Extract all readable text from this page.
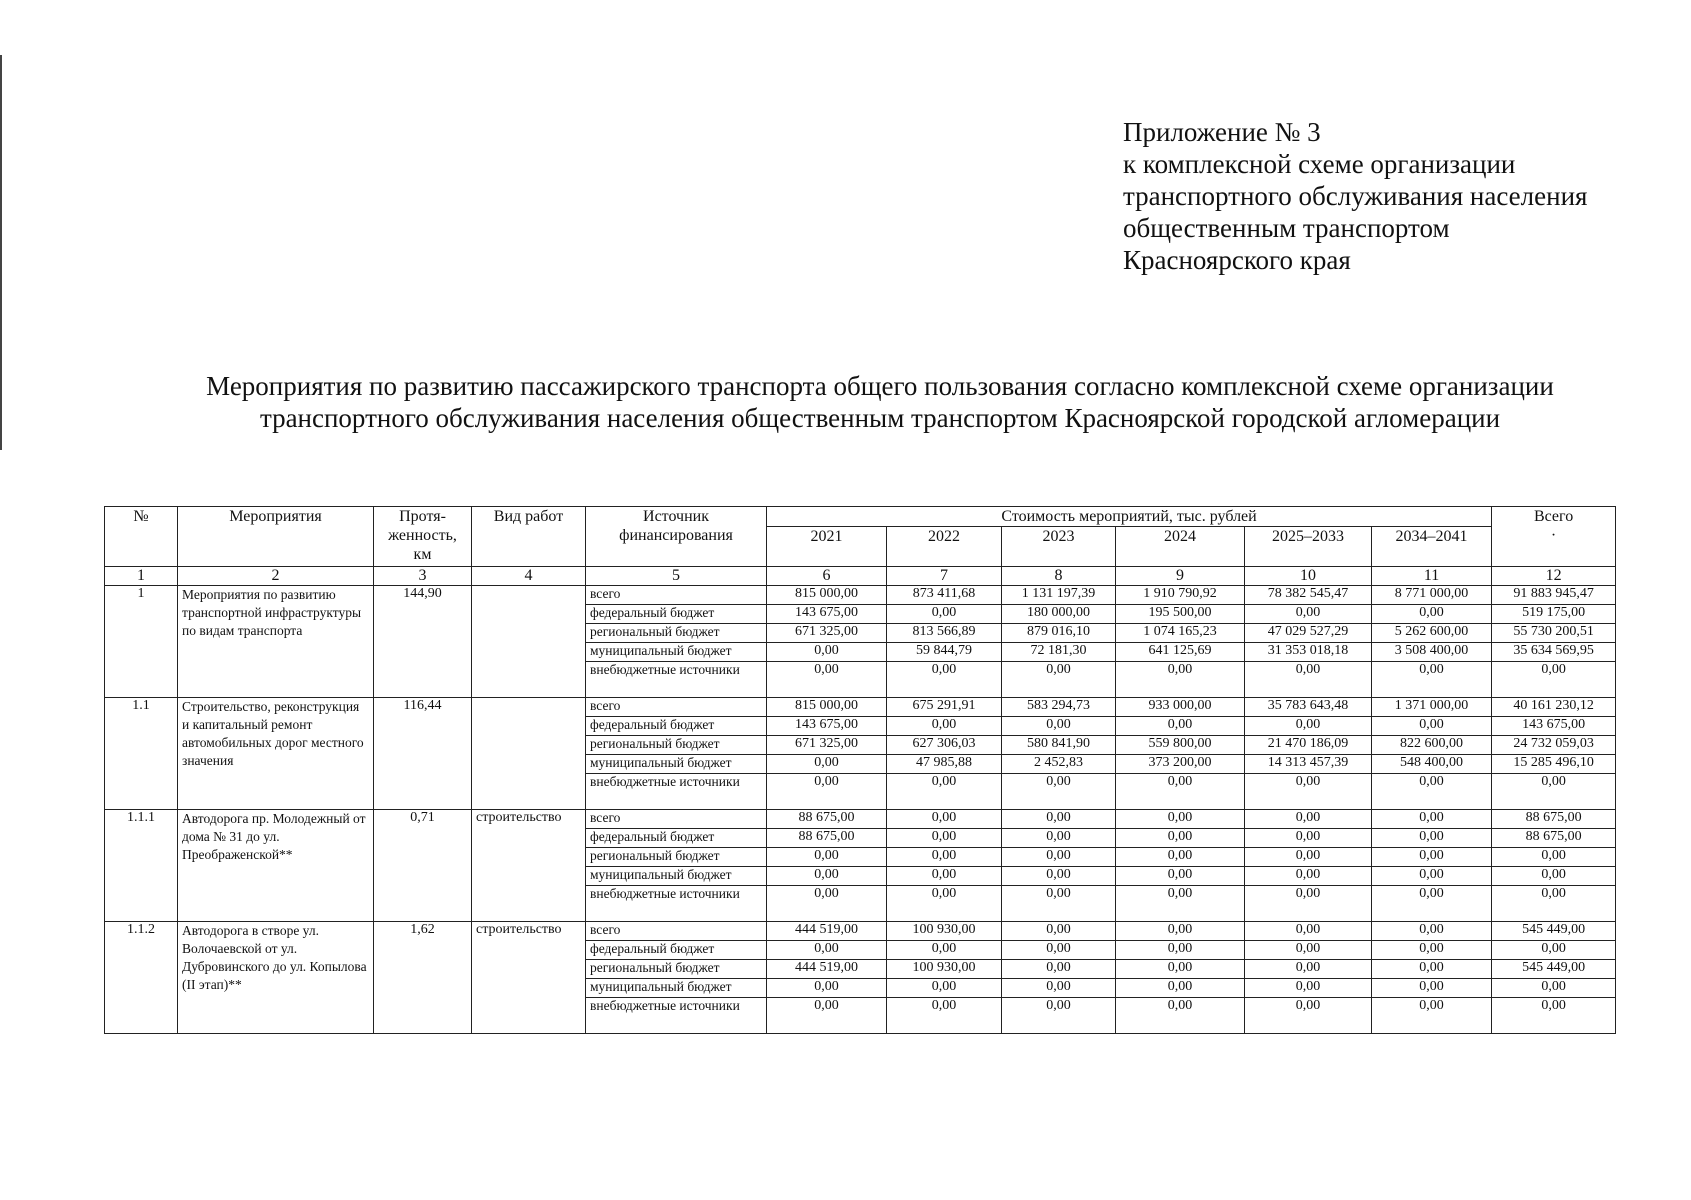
Приложение № 3
к комплексной схеме организации
транспортного обслуживания населения
общественным транспортом
Красноярского края
Мероприятия по развитию пассажирского транспорта общего пользования согласно комплексной схеме организации
транспортного обслуживания населения общественным транспортом Красноярской городской агломерации
№	Мероприятия	Протя-женность, км	Вид работ	Источник финансирования	Стоимость мероприятий, тыс. рублей						Всего
·
					2021	2022	2023	2024	2025–2033	2034–2041	
1	2	3	4	5	6	7	8	9	10	11	12
1	Мероприятия по развитию транспортной инфраструктуры по видам транспорта	144,90		всего	815 000,00	873 411,68	1 131 197,39	1 910 790,92	78 382 545,47	8 771 000,00	91 883 945,47
				федеральный бюджет	143 675,00	0,00	180 000,00	195 500,00	0,00	0,00	519 175,00
				региональный бюджет	671 325,00	813 566,89	879 016,10	1 074 165,23	47 029 527,29	5 262 600,00	55 730 200,51
				муниципальный бюджет	0,00	59 844,79	72 181,30	641 125,69	31 353 018,18	3 508 400,00	35 634 569,95
				внебюджетные источники	0,00	0,00	0,00	0,00	0,00	0,00	0,00
1.1	Строительство, реконструкция и капитальный ремонт автомобильных дорог местного значения	116,44		всего	815 000,00	675 291,91	583 294,73	933 000,00	35 783 643,48	1 371 000,00	40 161 230,12
				федеральный бюджет	143 675,00	0,00	0,00	0,00	0,00	0,00	143 675,00
				региональный бюджет	671 325,00	627 306,03	580 841,90	559 800,00	21 470 186,09	822 600,00	24 732 059,03
				муниципальный бюджет	0,00	47 985,88	2 452,83	373 200,00	14 313 457,39	548 400,00	15 285 496,10
				внебюджетные источники	0,00	0,00	0,00	0,00	0,00	0,00	0,00
1.1.1	Автодорога пр. Молодежный от дома № 31 до ул. Преображенской**	0,71	строительство	всего	88 675,00	0,00	0,00	0,00	0,00	0,00	88 675,00
				федеральный бюджет	88 675,00	0,00	0,00	0,00	0,00	0,00	88 675,00
				региональный бюджет	0,00	0,00	0,00	0,00	0,00	0,00	0,00
				муниципальный бюджет	0,00	0,00	0,00	0,00	0,00	0,00	0,00
				внебюджетные источники	0,00	0,00	0,00	0,00	0,00	0,00	0,00
1.1.2	Автодорога в створе ул. Волочаевской от ул. Дубровинского до ул. Копылова (II этап)**	1,62	строительство	всего	444 519,00	100 930,00	0,00	0,00	0,00	0,00	545 449,00
				федеральный бюджет	0,00	0,00	0,00	0,00	0,00	0,00	0,00
				региональный бюджет	444 519,00	100 930,00	0,00	0,00	0,00	0,00	545 449,00
				муниципальный бюджет	0,00	0,00	0,00	0,00	0,00	0,00	0,00
				внебюджетные источники	0,00	0,00	0,00	0,00	0,00	0,00	0,00
